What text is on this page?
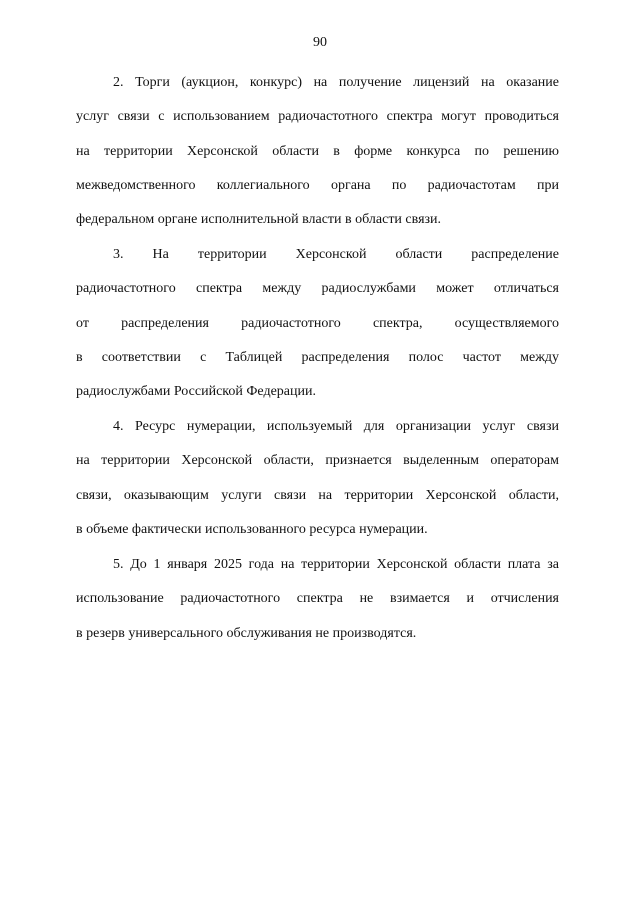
90
2. Торги (аукцион, конкурс) на получение лицензий на оказание
услуг связи с использованием радиочастотного спектра могут проводиться
на территории Херсонской области в форме конкурса по решению
межведомственного коллегиального органа по радиочастотам при
федеральном органе исполнительной власти в области связи.
3. На территории Херсонской области распределение
радиочастотного спектра между радиослужбами может отличаться
от распределения радиочастотного спектра, осуществляемого
в соответствии с Таблицей распределения полос частот между
радиослужбами Российской Федерации.
4. Ресурс нумерации, используемый для организации услуг связи
на территории Херсонской области, признается выделенным операторам
связи, оказывающим услуги связи на территории Херсонской области,
в объеме фактически использованного ресурса нумерации.
5. До 1 января 2025 года на территории Херсонской области плата за
использование радиочастотного спектра не взимается и отчисления
в резерв универсального обслуживания не производятся.
